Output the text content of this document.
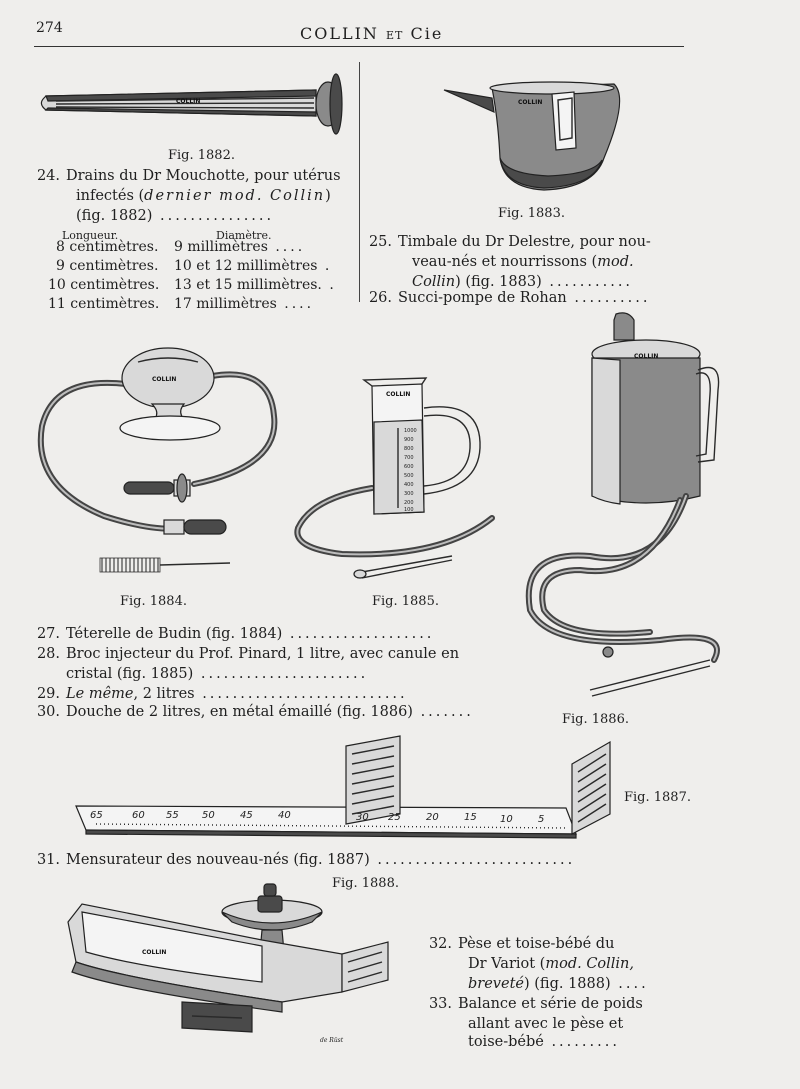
274	COLLIN ET Cie
COLLIN
Fig. 1882.
24. Drains du Dr Mouchotte, pour utérus
infectés (dernier mod. Collin)
(fig. 1882) ...............
Longueur.	Diamètre.
8 centimètres. 9 millimètres ....
9 centimètres. 10 et 12 millimètres .
10 centimètres. 13 et 15 millimètres. .
11 centimètres. 17 millimètres ....
COLLIN
Fig. 1883.
25. Timbale du Dr Delestre, pour nou-
veau-nés et nourrissons (mod.
Collin) (fig. 1883) ...........
26. Succi-pompe de Rohan ..........
COLLIN
Fig. 1884.
1000
900
800
700
600
500
400
300
200
100
COLLIN
Fig. 1885.
COLLIN
Fig. 1886.
27. Téterelle de Budin (fig. 1884) ...................
28. Broc injecteur du Prof. Pinard, 1 litre, avec canule en
cristal (fig. 1885) ......................
29. Le même, 2 litres ...........................
30. Douche de 2 litres, en métal émaillé (fig. 1886) .......
65	60 55 50	45	40	30 25	20	15 10	5
Fig. 1887.
31. Mensurateur des nouveau-nés (fig. 1887) ..........................
Fig. 1888.
COLLIN
de Rüst
32. Pèse et toise-bébé du
Dr Variot (mod. Collin,
breveté) (fig. 1888) ....
33. Balance et série de poids
allant avec le pèse et
toise-bébé .........
